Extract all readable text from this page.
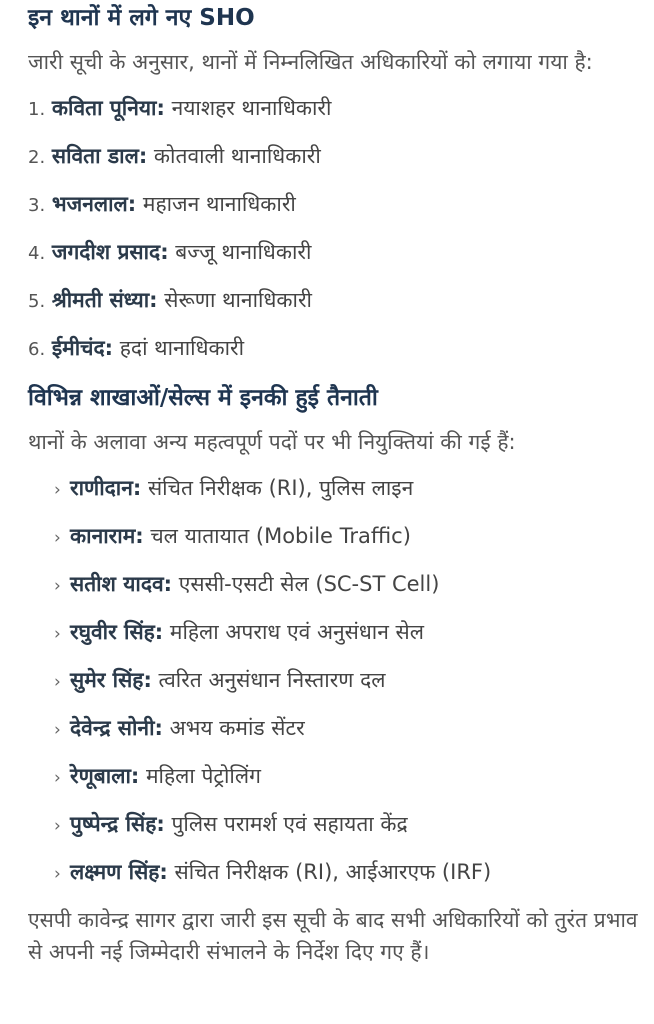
इन थानों में लगे नए SHO

जारी सूची के अनुसार, थानों में निम्नलिखित अधिकारियों को लगाया गया है:

1. कविता पूनिया: नयाशहर थानाधिकारी
2. सविता डाल: कोतवाली थानाधिकारी
3. भजनलाल: महाजन थानाधिकारी
4. जगदीश प्रसाद: बज्जू थानाधिकारी
5. श्रीमती संध्या: सेरूणा थानाधिकारी
6. ईमीचंद: हदां थानाधिकारी
विभिन्न शाखाओं/सेल्स में इनकी हुई तैनाती

थानों के अलावा अन्य महत्वपूर्ण पदों पर भी नियुक्तियां की गई हैं:

› राणीदान: संचित निरीक्षक (RI), पुलिस लाइन
› कानाराम: चल यातायात (Mobile Traffic)
› सतीश यादव: एससी-एसटी सेल (SC-ST Cell)
› रघुवीर सिंह: महिला अपराध एवं अनुसंधान सेल
› सुमेर सिंह: त्वरित अनुसंधान निस्तारण दल
› देवेन्द्र सोनी: अभय कमांड सेंटर
› रेणूबाला: महिला पेट्रोलिंग
› पुष्पेन्द्र सिंह: पुलिस परामर्श एवं सहायता केंद्र
› लक्ष्मण सिंह: संचित निरीक्षक (RI), आईआरएफ (IRF)

एसपी कावेन्द्र सागर द्वारा जारी इस सूची के बाद सभी अधिकारियों को तुरंत प्रभाव से अपनी नई जिम्मेदारी संभालने के निर्देश दिए गए हैं।
